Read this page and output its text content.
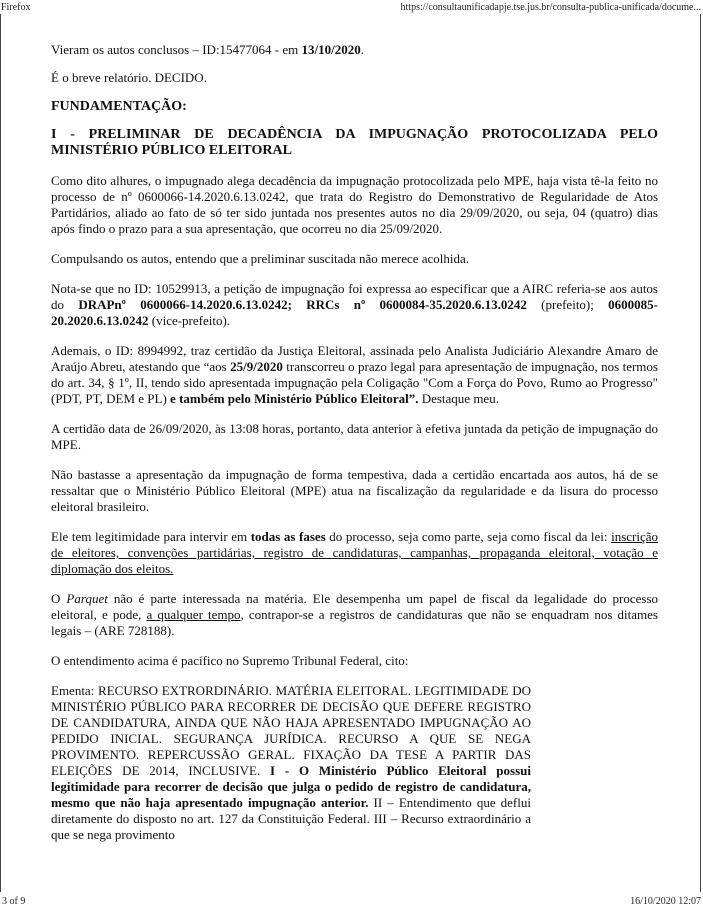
Firefox	https://consultaunificadapje.tse.jus.br/consulta-publica-unificada/docume...

Vieram os autos conclusos – ID:15477064 - em 13/10/2020.

É o breve relatório. DECIDO.

FUNDAMENTAÇÃO:

I - PRELIMINAR DE DECADÊNCIA DA IMPUGNAÇÃO PROTOCOLIZADA PELO MINISTÉRIO PÚBLICO ELEITORAL

Como dito alhures, o impugnado alega decadência da impugnação protocolizada pelo MPE, haja vista tê-la feito no processo de nº 0600066-14.2020.6.13.0242, que trata do Registro do Demonstrativo de Regularidade de Atos Partidários, aliado ao fato de só ter sido juntada nos presentes autos no dia 29/09/2020, ou seja, 04 (quatro) dias após findo o prazo para a sua apresentação, que ocorreu no dia 25/09/2020.

Compulsando os autos, entendo que a preliminar suscitada não merece acolhida.

Nota-se que no ID: 10529913, a petição de impugnação foi expressa ao especificar que a AIRC referia-se aos autos do DRAPnº 0600066-14.2020.6.13.0242; RRCs nº 0600084-35.2020.6.13.0242 (prefeito); 0600085-20.2020.6.13.0242 (vice-prefeito).

Ademais, o ID: 8994992, traz certidão da Justiça Eleitoral, assinada pelo Analista Judiciário Alexandre Amaro de Araújo Abreu, atestando que “aos 25/9/2020 transcorreu o prazo legal para apresentação de impugnação, nos termos do art. 34, § 1º, II, tendo sido apresentada impugnação pela Coligação "Com a Força do Povo, Rumo ao Progresso" (PDT, PT, DEM e PL) e também pelo Ministério Público Eleitoral”. Destaque meu.

A certidão data de 26/09/2020, às 13:08 horas, portanto, data anterior à efetiva juntada da petição de impugnação do MPE.

Não bastasse a apresentação da impugnação de forma tempestiva, dada a certidão encartada aos autos, há de se ressaltar que o Ministério Público Eleitoral (MPE) atua na fiscalização da regularidade e da lisura do processo eleitoral brasileiro.

Ele tem legitimidade para intervir em todas as fases do processo, seja como parte, seja como fiscal da lei: inscrição de eleitores, convenções partidárias, registro de candidaturas, campanhas, propaganda eleitoral, votação e diplomação dos eleitos.

O Parquet não é parte interessada na matéria. Ele desempenha um papel de fiscal da legalidade do processo eleitoral, e pode, a qualquer tempo, contrapor-se a registros de candidaturas que não se enquadram nos ditames legais – (ARE 728188).

O entendimento acima é pacífico no Supremo Tribunal Federal, cito:

Ementa: RECURSO EXTRORDINÁRIO. MATÉRIA ELEITORAL. LEGITIMIDADE DO MINISTÉRIO PÚBLICO PARA RECORRER DE DECISÃO QUE DEFERE REGISTRO DE CANDIDATURA, AINDA QUE NÃO HAJA APRESENTADO IMPUGNAÇÃO AO PEDIDO INICIAL. SEGURANÇA JURÍDICA. RECURSO A QUE SE NEGA PROVIMENTO. REPERCUSSÃO GERAL. FIXAÇÃO DA TESE A PARTIR DAS ELEIÇÕES DE 2014, INCLUSIVE. I - O Ministério Público Eleitoral possui legitimidade para recorrer de decisão que julga o pedido de registro de candidatura, mesmo que não haja apresentado impugnação anterior. II – Entendimento que deflui diretamente do disposto no art. 127 da Constituição Federal. III – Recurso extraordinário a que se nega provimento

3 of 9	16/10/2020 12:07
